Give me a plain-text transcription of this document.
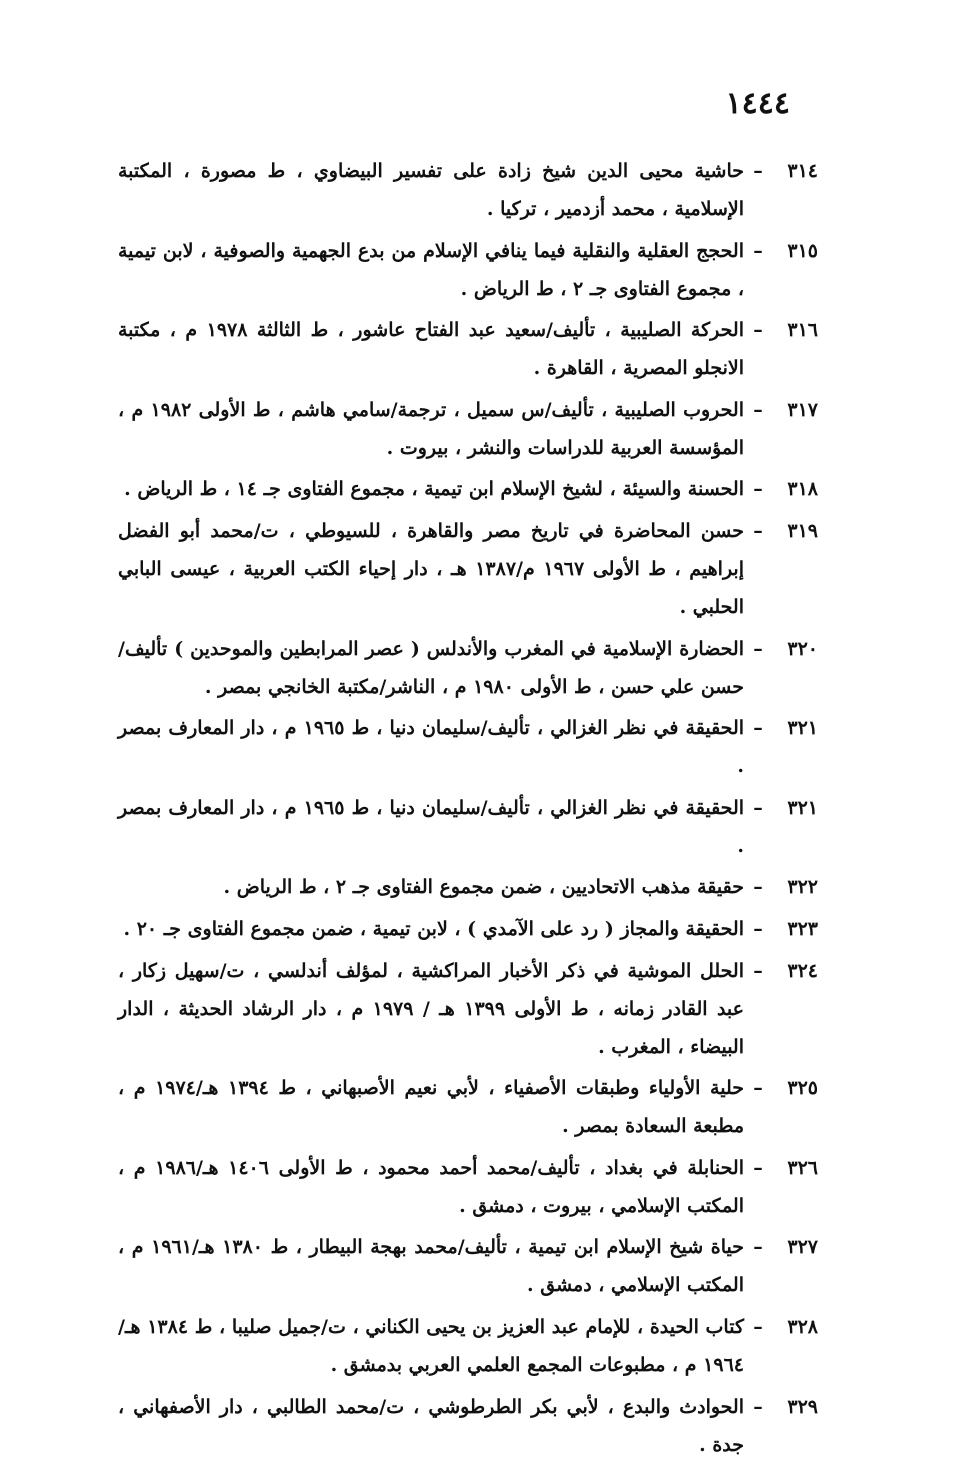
١٤٤٤
٣١٤
–
حاشية محيى الدين شيخ زادة على تفسير البيضاوي ، ط مصورة ، المكتبة الإسلامية ، محمد أزدمير ، تركيا .
٣١٥
–
الحجج العقلية والنقلية فيما ينافي الإسلام من بدع الجهمية والصوفية ، لابن تيمية ، مجموع الفتاوى جـ ٢ ، ط الرياض .
٣١٦
–
الحركة الصليبية ، تأليف/سعيد عبد الفتاح عاشور ، ط الثالثة ١٩٧٨ م ، مكتبة الانجلو المصرية ، القاهرة .
٣١٧
–
الحروب الصليبية ، تأليف/س سميل ، ترجمة/سامي هاشم ، ط الأولى ١٩٨٢ م ، المؤسسة العربية للدراسات والنشر ، بيروت .
٣١٨
–
الحسنة والسيئة ، لشيخ الإسلام ابن تيمية ، مجموع الفتاوى جـ ١٤ ، ط الرياض .
٣١٩
–
حسن المحاضرة في تاريخ مصر والقاهرة ، للسيوطي ، ت/محمد أبو الفضل إبراهيم ، ط الأولى ١٩٦٧ م/١٣٨٧ هـ ، دار إحياء الكتب العربية ، عيسى البابي الحلبي .
٣٢٠
–
الحضارة الإسلامية في المغرب والأندلس ( عصر المرابطين والموحدين ) تأليف/حسن علي حسن ، ط الأولى ١٩٨٠ م ، الناشر/مكتبة الخانجي بمصر .
٣٢١
–
الحقيقة في نظر الغزالي ، تأليف/سليمان دنيا ، ط ١٩٦٥ م ، دار المعارف بمصر .
٣٢١
–
الحقيقة في نظر الغزالي ، تأليف/سليمان دنيا ، ط ١٩٦٥ م ، دار المعارف بمصر .
٣٢٢
–
حقيقة مذهب الاتحاديين ، ضمن مجموع الفتاوى جـ ٢ ، ط الرياض .
٣٢٣
–
الحقيقة والمجاز ( رد على الآمدي ) ، لابن تيمية ، ضمن مجموع الفتاوى جـ ٢٠ .
٣٢٤
–
الحلل الموشية في ذكر الأخبار المراكشية ، لمؤلف أندلسي ، ت/سهيل زكار ، عبد القادر زمانه ، ط الأولى ١٣٩٩ هـ / ١٩٧٩ م ، دار الرشاد الحديثة ، الدار البيضاء ، المغرب .
٣٢٥
–
حلية الأولياء وطبقات الأصفياء ، لأبي نعيم الأصبهاني ، ط ١٣٩٤ هـ/١٩٧٤ م ، مطبعة السعادة بمصر .
٣٢٦
–
الحنابلة في بغداد ، تأليف/محمد أحمد محمود ، ط الأولى ١٤٠٦ هـ/١٩٨٦ م ، المكتب الإسلامي ، بيروت ، دمشق .
٣٢٧
–
حياة شيخ الإسلام ابن تيمية ، تأليف/محمد بهجة البيطار ، ط ١٣٨٠ هـ/١٩٦١ م ، المكتب الإسلامي ، دمشق .
٣٢٨
–
كتاب الحيدة ، للإمام عبد العزيز بن يحيى الكناني ، ت/جميل صليبا ، ط ١٣٨٤ هـ/١٩٦٤ م ، مطبوعات المجمع العلمي العربي بدمشق .
٣٢٩
–
الحوادث والبدع ، لأبي بكر الطرطوشي ، ت/محمد الطالبي ، دار الأصفهاني ، جدة .
